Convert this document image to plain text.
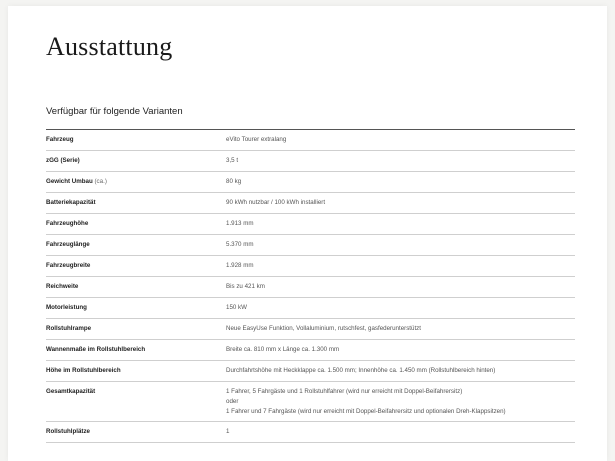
Ausstattung

Verfügbar für folgende Varianten

Fahrzeug	eVito Tourer extralang
zGG (Serie)	3,5 t
Gewicht Umbau (ca.)	80 kg
Batteriekapazität	90 kWh nutzbar / 100 kWh installiert
Fahrzeughöhe	1.913 mm
Fahrzeuglänge	5.370 mm
Fahrzeugbreite	1.928 mm
Reichweite	Bis zu 421 km
Motorleistung	150 kW
Rollstuhlrampe	Neue EasyUse Funktion, Vollaluminium, rutschfest, gasfederunterstützt
Wannenmaße im Rollstuhlbereich	Breite ca. 810 mm x Länge ca. 1.300 mm
Höhe im Rollstuhlbereich	Durchfahrtshöhe mit Heckklappe ca. 1.500 mm; Innenhöhe ca. 1.450 mm (Rollstuhlbereich hinten)
Gesamtkapazität	1 Fahrer, 5 Fahrgäste und 1 Rollstuhlfahrer (wird nur erreicht mit Doppel-Beifahrersitz)
oder
1 Fahrer und 7 Fahrgäste (wird nur erreicht mit Doppel-Beifahrersitz und optionalen Dreh-Klappsitzen)
Rollstuhlplätze	1
